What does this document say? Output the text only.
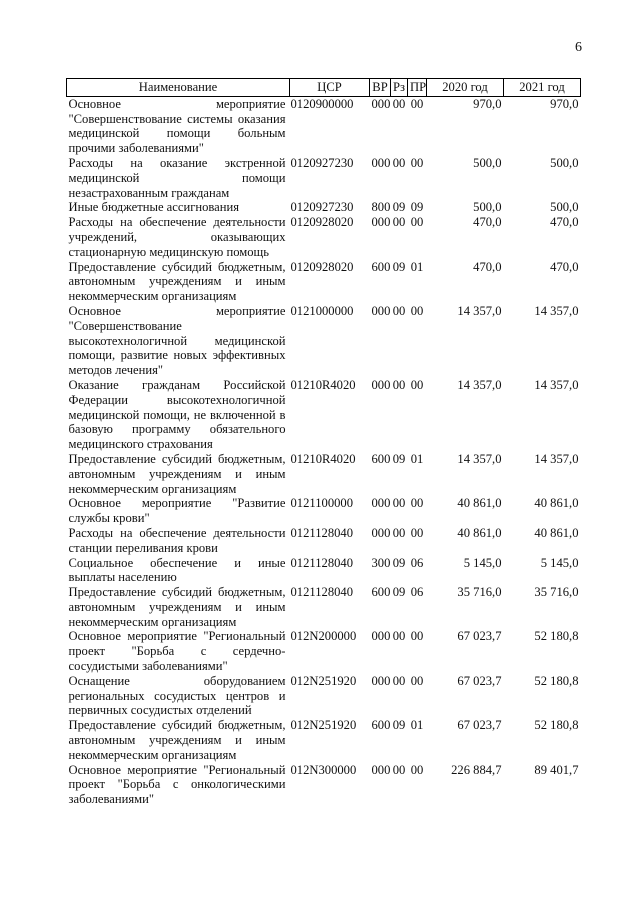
6
Наименование	ЦСР	ВР	Рз	ПР	2020 год	2021 год
Основное мероприятие "Совершенствование системы оказания медицинской помощи больным прочими заболеваниями"	0120900000	000	00	00	970,0	970,0
Расходы на оказание экстренной медицинской помощи незастрахованным гражданам	0120927230	000	00	00	500,0	500,0
Иные бюджетные ассигнования	0120927230	800	09	09	500,0	500,0
Расходы на обеспечение деятельности учреждений, оказывающих стационарную медицинскую помощь	0120928020	000	00	00	470,0	470,0
Предоставление субсидий бюджетным, автономным учреждениям и иным некоммерческим организациям	0120928020	600	09	01	470,0	470,0
Основное мероприятие "Совершенствование высокотехнологичной медицинской помощи, развитие новых эффективных методов лечения"	0121000000	000	00	00	14 357,0	14 357,0
Оказание гражданам Российской Федерации высокотехнологичной медицинской помощи, не включенной в базовую программу обязательного медицинского страхования	01210R4020	000	00	00	14 357,0	14 357,0
Предоставление субсидий бюджетным, автономным учреждениям и иным некоммерческим организациям	01210R4020	600	09	01	14 357,0	14 357,0
Основное мероприятие "Развитие службы крови"	0121100000	000	00	00	40 861,0	40 861,0
Расходы на обеспечение деятельности станции переливания крови	0121128040	000	00	00	40 861,0	40 861,0
Социальное обеспечение и иные выплаты населению	0121128040	300	09	06	5 145,0	5 145,0
Предоставление субсидий бюджетным, автономным учреждениям и иным некоммерческим организациям	0121128040	600	09	06	35 716,0	35 716,0
Основное мероприятие "Региональный проект "Борьба с сердечно-сосудистыми заболеваниями"	012N200000	000	00	00	67 023,7	52 180,8
Оснащение оборудованием региональных сосудистых центров и первичных сосудистых отделений	012N251920	000	00	00	67 023,7	52 180,8
Предоставление субсидий бюджетным, автономным учреждениям и иным некоммерческим организациям	012N251920	600	09	01	67 023,7	52 180,8
Основное мероприятие "Региональный проект "Борьба с онкологическими заболеваниями"	012N300000	000	00	00	226 884,7	89 401,7
